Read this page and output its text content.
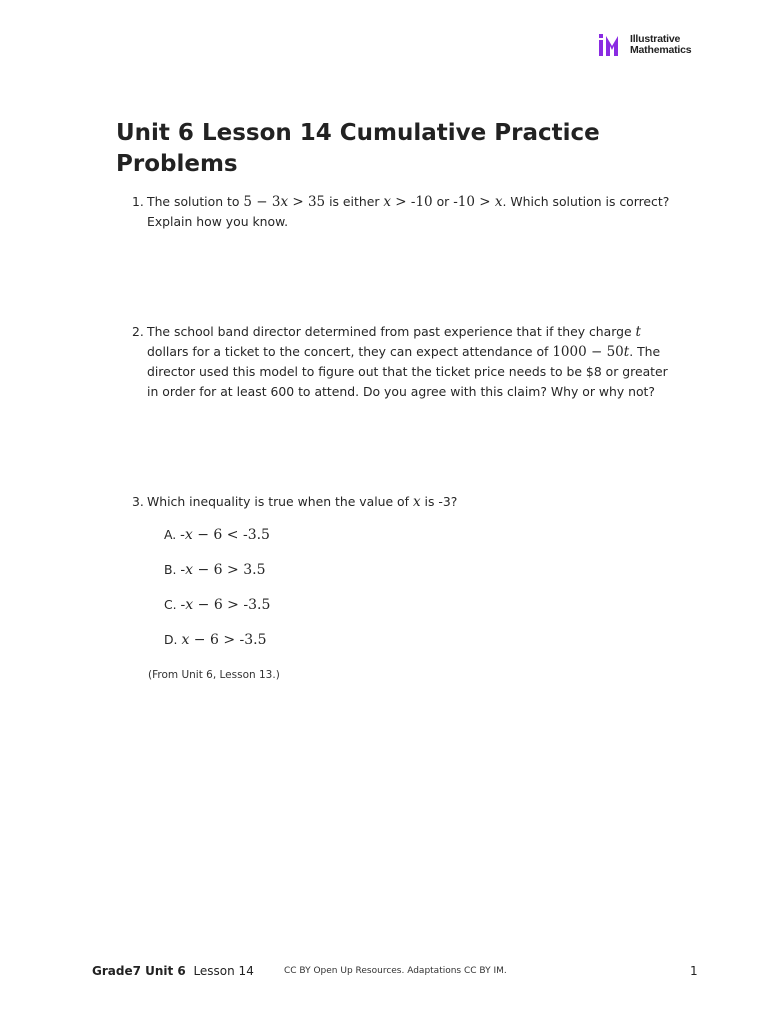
Illustrative
Mathematics
Unit 6 Lesson 14 Cumulative Practice Problems
1. The solution to 5 − 3x > 35 is either x > -10 or -10 > x. Which solution is correct? Explain how you know.
2. The school band director determined from past experience that if they charge t dollars for a ticket to the concert, they can expect attendance of 1000 − 50t. The director used this model to figure out that the ticket price needs to be $8 or greater in order for at least 600 to attend. Do you agree with this claim? Why or why not?
3. Which inequality is true when the value of x is -3?
A. -x − 6 < -3.5
B. -x − 6 > 3.5
C. -x − 6 > -3.5
D. x − 6 > -3.5
(From Unit 6, Lesson 13.)
Grade7 Unit 6 Lesson 14	CC BY Open Up Resources. Adaptations CC BY IM.	1
